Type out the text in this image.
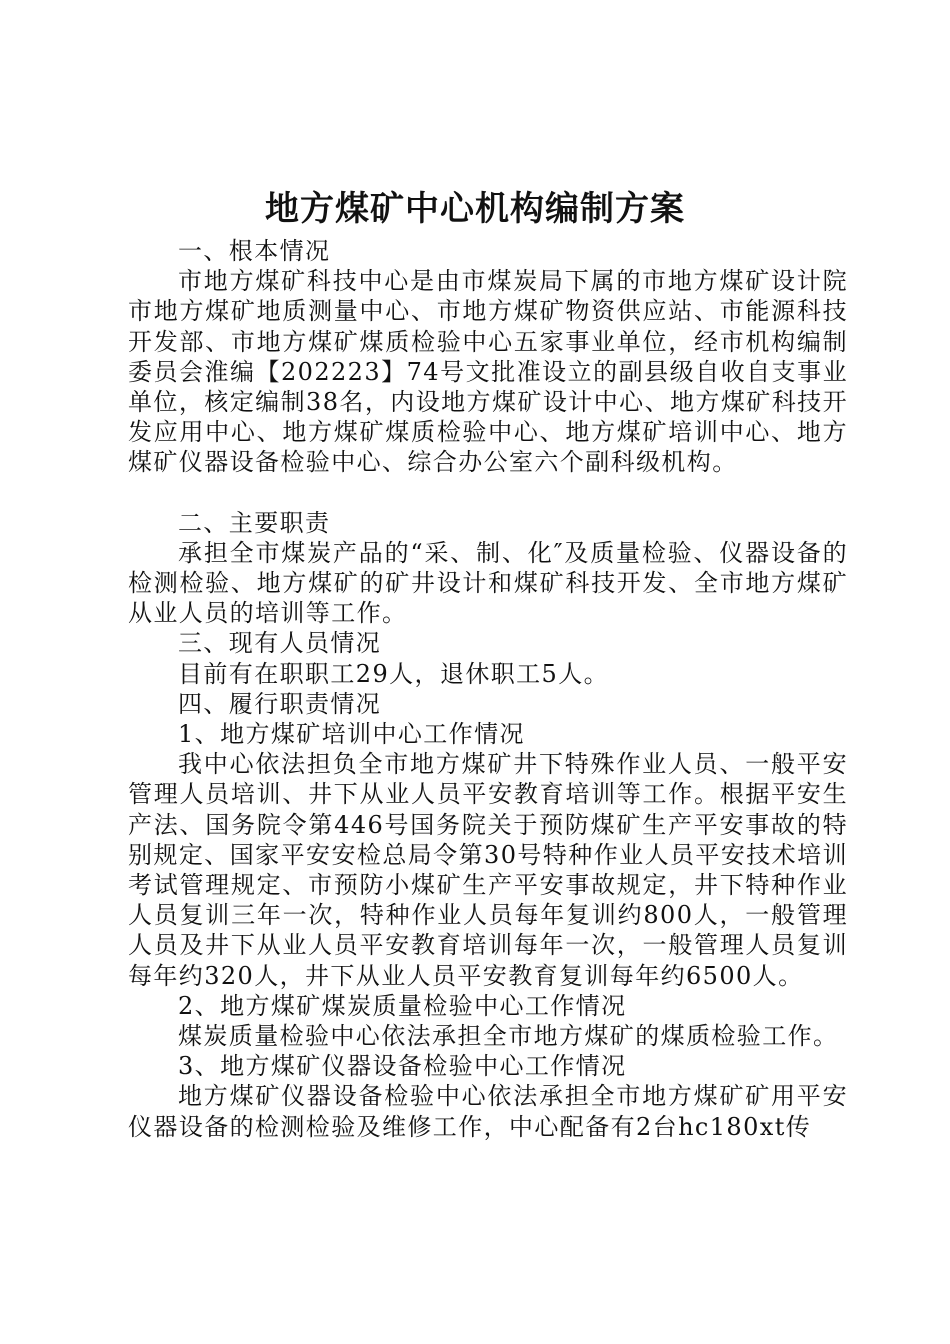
地方煤矿中心机构编制方案

一、根本情况

市地方煤矿科技中心是由市煤炭局下属的市地方煤矿设计院市地方煤矿地质测量中心、市地方煤矿物资供应站、市能源科技开发部、市地方煤矿煤质检验中心五家事业单位，经市机构编制委员会淮编【202223】74号文批准设立的副县级自收自支事业单位，核定编制38名，内设地方煤矿设计中心、地方煤矿科技开发应用中心、地方煤矿煤质检验中心、地方煤矿培训中心、地方煤矿仪器设备检验中心、综合办公室六个副科级机构。

二、主要职责

承担全市煤炭产品的“采、制、化″及质量检验、仪器设备的检测检验、地方煤矿的矿井设计和煤矿科技开发、全市地方煤矿从业人员的培训等工作。

三、现有人员情况

目前有在职职工29人，退休职工5人。

四、履行职责情况

1、地方煤矿培训中心工作情况

我中心依法担负全市地方煤矿井下特殊作业人员、一般平安管理人员培训、井下从业人员平安教育培训等工作。根据平安生产法、国务院令第446号国务院关于预防煤矿生产平安事故的特别规定、国家平安安检总局令第30号特种作业人员平安技术培训考试管理规定、市预防小煤矿生产平安事故规定，井下特种作业人员复训三年一次，特种作业人员每年复训约800人，一般管理人员及井下从业人员平安教育培训每年一次，一般管理人员复训每年约320人，井下从业人员平安教育复训每年约6500人。

2、地方煤矿煤炭质量检验中心工作情况

煤炭质量检验中心依法承担全市地方煤矿的煤质检验工作。

3、地方煤矿仪器设备检验中心工作情况

地方煤矿仪器设备检验中心依法承担全市地方煤矿矿用平安仪器设备的检测检验及维修工作，中心配备有2台hc180xt传
